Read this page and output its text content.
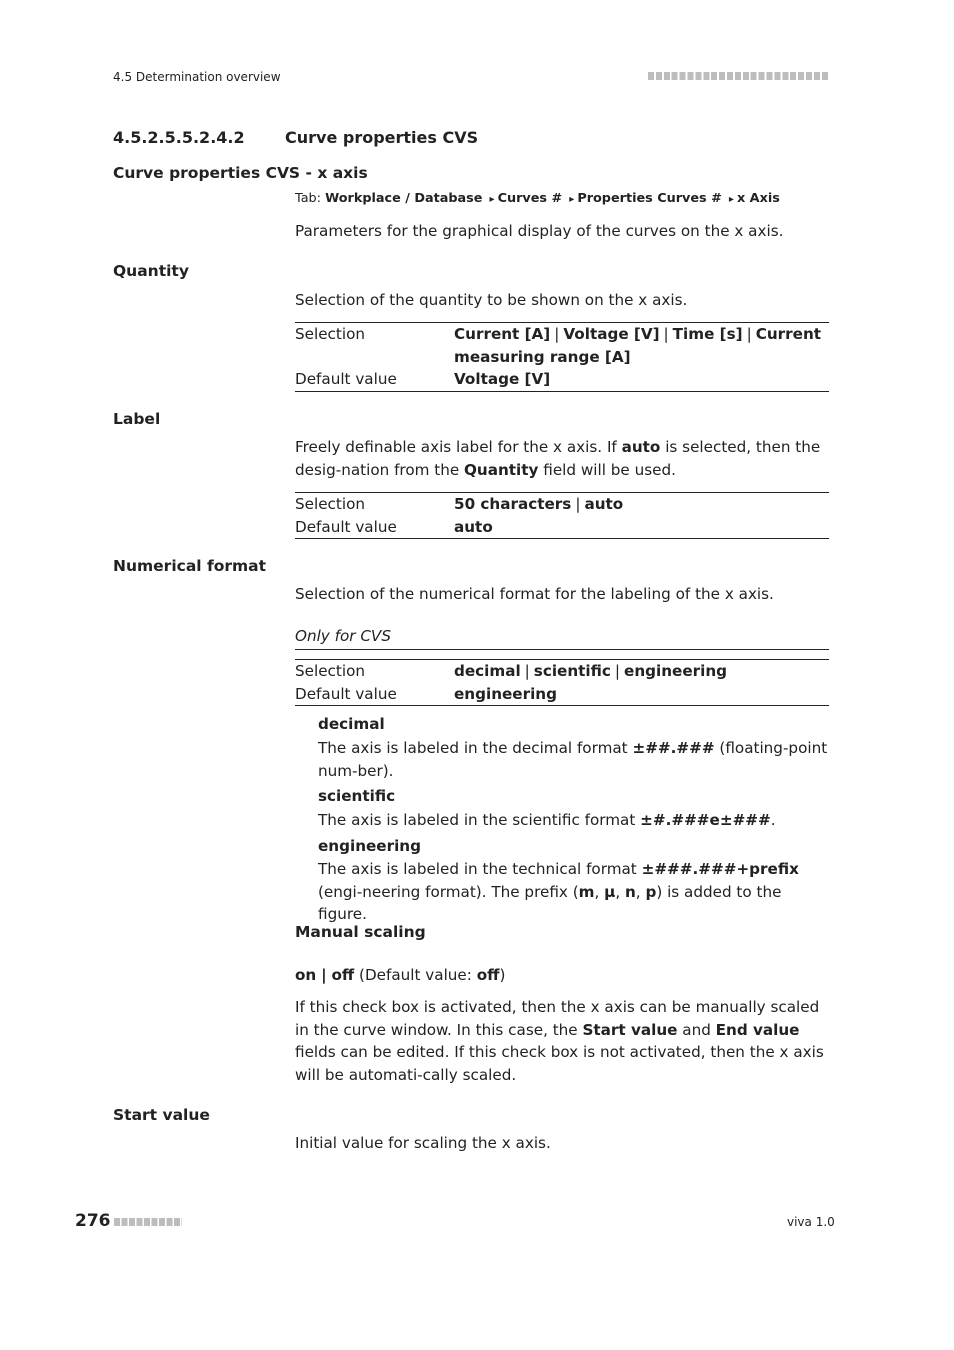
4.5 Determination overview
4.5.2.5.5.2.4.2	Curve properties CVS
Curve properties CVS - x axis
Tab: Workplace / Database ▸ Curves # ▸ Properties Curves # ▸ x Axis
Parameters for the graphical display of the curves on the x axis.
Quantity
Selection of the quantity to be shown on the x axis.
Selection	Current [A] | Voltage [V] | Time [s] | Current measuring range [A]
Default value	Voltage [V]
Label
Freely definable axis label for the x axis. If auto is selected, then the desig-nation from the Quantity field will be used.
Selection	50 characters | auto
Default value	auto
Numerical format
Selection of the numerical format for the labeling of the x axis.
Only for CVS
Selection	decimal | scientific | engineering
Default value	engineering
decimal
The axis is labeled in the decimal format ±##.### (floating-point num-ber).
scientific
The axis is labeled in the scientific format ±#.###e±###.
engineering
The axis is labeled in the technical format ±###.###+prefix (engi-neering format). The prefix (m, µ, n, p) is added to the figure.
Manual scaling
on | off (Default value: off)
If this check box is activated, then the x axis can be manually scaled in the curve window. In this case, the Start value and End value fields can be edited. If this check box is not activated, then the x axis will be automati-cally scaled.
Start value
Initial value for scaling the x axis.
276	viva 1.0
